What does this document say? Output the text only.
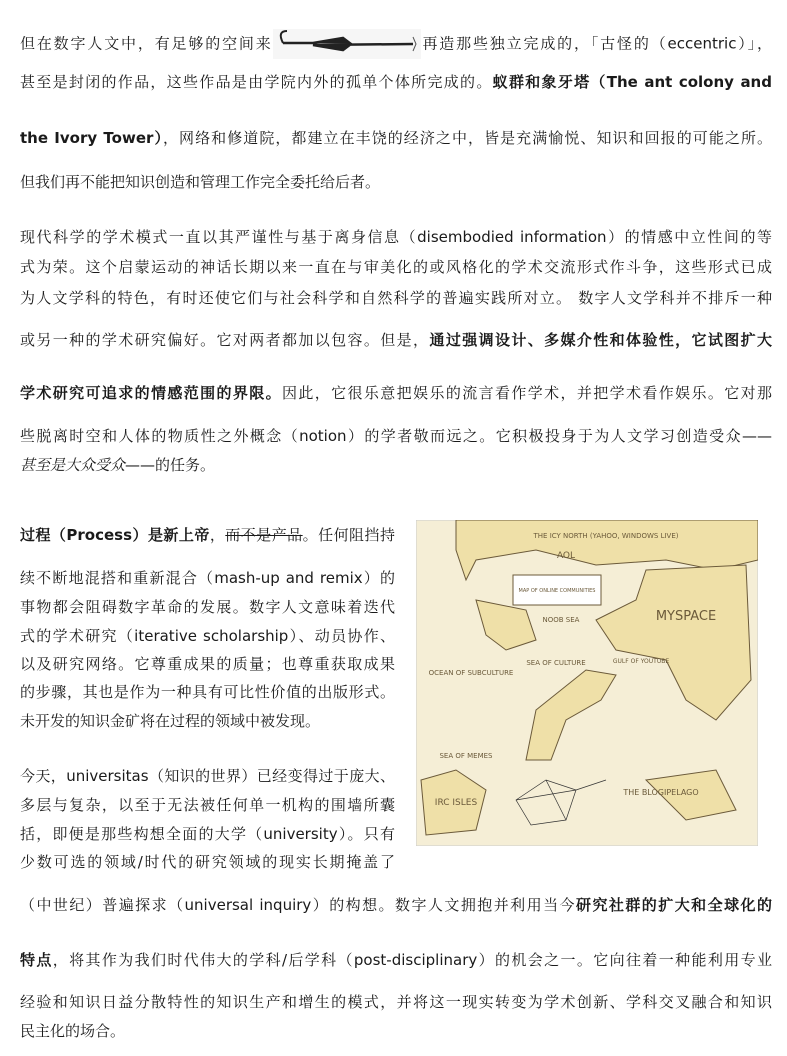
但在数字人文中，有足够的空间来	再造那些独立完成的，「古怪的（eccentric）」，
甚至是封闭的作品，这些作品是由学院内外的孤单个体所完成的。蚁群和象牙塔（The ant colony and
the Ivory Tower），网络和修道院，都建立在丰饶的经济之中，皆是充满愉悦、知识和回报的可能之所。
但我们再不能把知识创造和管理工作完全委托给后者。
现代科学的学术模式一直以其严谨性与基于离身信息（disembodied information）的情感中立性间的等
式为荣。这个启蒙运动的神话长期以来一直在与审美化的或风格化的学术交流形式作斗争，这些形式已成
为人文学科的特色，有时还使它们与社会科学和自然科学的普遍实践所对立。 数字人文学科并不排斥一种
或另一种的学术研究偏好。它对两者都加以包容。但是，通过强调设计、多媒介性和体验性，它试图扩大
学术研究可追求的情感范围的界限。因此，它很乐意把娱乐的流言看作学术，并把学术看作娱乐。它对那
些脱离时空和人体的物质性之外概念（notion）的学者敬而远之。它积极投身于为人文学习创造受众——
甚至是大众受众——的任务。
过程（Process）是新上帝，而不是产品。任何阻挡持
续不断地混搭和重新混合（mash-up and remix）的
事物都会阻碍数字革命的发展。数字人文意味着迭代
式的学术研究（iterative scholarship）、动员协作、
以及研究网络。它尊重成果的质量；也尊重获取成果
的步骤，其也是作为一种具有可比性价值的出版形式。
未开发的知识金矿将在过程的领域中被发现。
今天，universitas（知识的世界）已经变得过于庞大、
多层与复杂，以至于无法被任何单一机构的围墙所囊
括，即便是那些构想全面的大学（university）。只有
少数可选的领域/时代的研究领域的现实长期掩盖了
（中世纪）普遍探求（universal inquiry）的构想。数字人文拥抱并利用当今研究社群的扩大和全球化的
特点，将其作为我们时代伟大的学科/后学科（post-disciplinary）的机会之一。它向往着一种能利用专业
经验和知识日益分散特性的知识生产和增生的模式，并将这一现实转变为学术创新、学科交叉融合和知识
民主化的场合。
MAP OF ONLINE COMMUNITIES
THE ICY NORTH (YAHOO, WINDOWS LIVE)
AOL
MYSPACE
NOOB SEA
SEA OF CULTURE	GULF OF YOUTUBE
OCEAN OF SUBCULTURE
SEA OF MEMES
IRC ISLES
THE BLOGIPELAGO
